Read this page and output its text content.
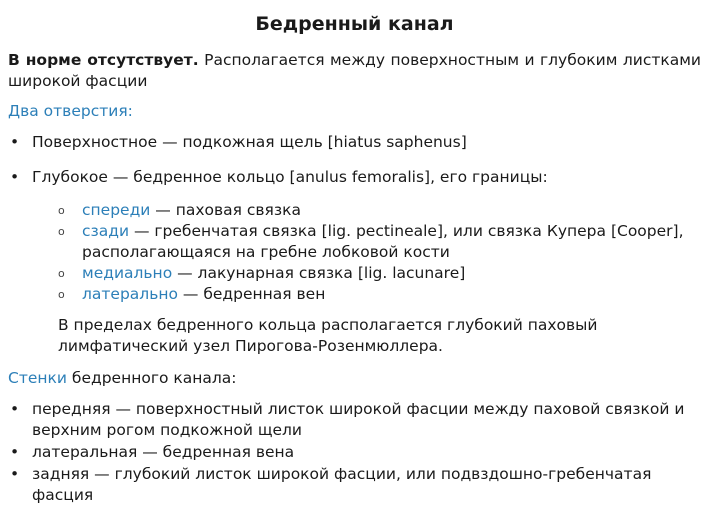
Бедренный канал

В норме отсутствует. Располагается между поверхностным и глубоким листками широкой фасции

Два отверстия:
• Поверхностное — подкожная щель [hiatus saphenus]
• Глубокое — бедренное кольцо [anulus femoralis], его границы:
o спереди — паховая связка
o сзади — гребенчатая связка [lig. pectineale], или связка Купера [Cooper], располагающаяся на гребне лобковой кости
o медиально — лакунарная связка [lig. lacunare]
o латерально — бедренная вен

В пределах бедренного кольца располагается глубокий паховый лимфатический узел Пирогова-Розенмюллера.

Стенки бедренного канала:
• передняя — поверхностный листок широкой фасции между паховой связкой и верхним рогом подкожной щели
• латеральная — бедренная вена
• задняя — глубокий листок широкой фасции, или подвздошно-гребенчатая фасция
